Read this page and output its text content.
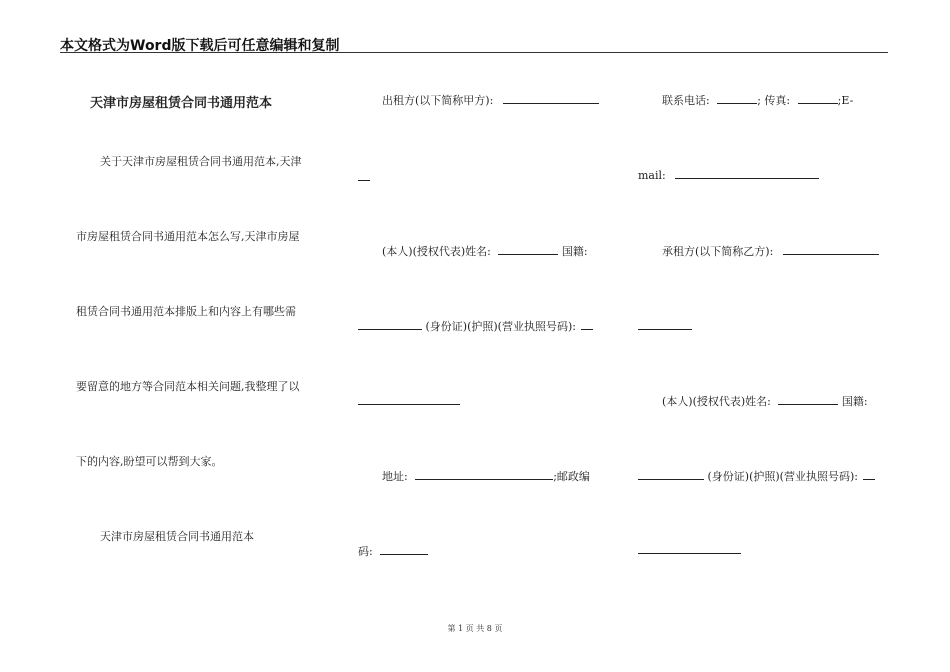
本文格式为Word版下载后可任意编辑和复制
天津市房屋租赁合同书通用范本
关于天津市房屋租赁合同书通用范本,天津
市房屋租赁合同书通用范本怎么写,天津市房屋
租赁合同书通用范本排版上和内容上有哪些需
要留意的地方等合同范本相关问题,我整理了以
下的内容,盼望可以帮到大家。
天津市房屋租赁合同书通用范本
出租方(以下简称甲方):
(本人)(授权代表)姓名:	国籍:
(身份证)(护照)(营业执照号码):
地址:	;邮政编
码:
联系电话:	; 传真:	;E-
mail:
承租方(以下简称乙方):
(本人)(授权代表)姓名:	国籍:
(身份证)(护照)(营业执照号码):
第 1 页 共 8 页
